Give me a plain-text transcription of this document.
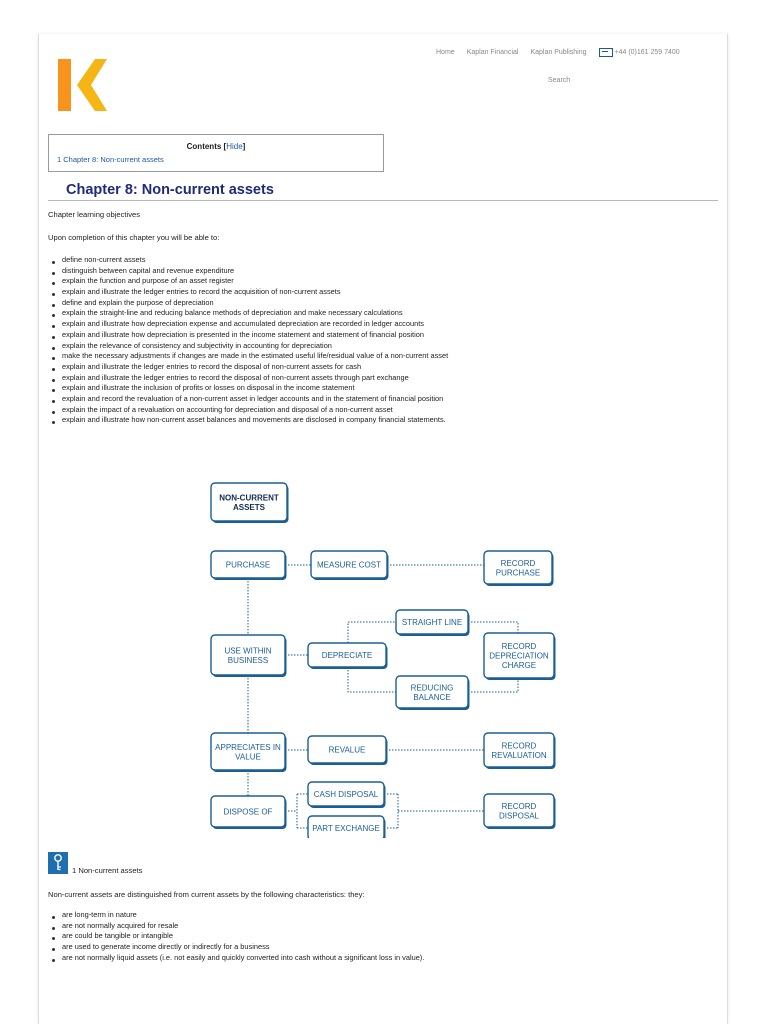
Home Kaplan Financial Kaplan Publishing	+44 (0)161 259 7400
Search
Contents [Hide]
1 Chapter 8: Non-current assets
Chapter 8: Non-current assets
Chapter learning objectives
Upon completion of this chapter you will be able to:
define non-current assets
distinguish between capital and revenue expenditure
explain the function and purpose of an asset register
explain and illustrate the ledger entries to record the acquisition of non-current assets
define and explain the purpose of depreciation
explain the straight-line and reducing balance methods of depreciation and make necessary calculations
explain and illustrate how depreciation expense and accumulated depreciation are recorded in ledger accounts
explain and illustrate how depreciation is presented in the income statement and statement of financial position
explain the relevance of consistency and subjectivity in accounting for depreciation
make the necessary adjustments if changes are made in the estimated useful life/residual value of a non-current asset
explain and illustrate the ledger entries to record the disposal of non-current assets for cash
explain and illustrate the ledger entries to record the disposal of non-current assets through part exchange
explain and illustrate the inclusion of profits or losses on disposal in the income statement
explain and record the revaluation of a non-current asset in ledger accounts and in the statement of financial position
explain the impact of a revaluation on accounting for depreciation and disposal of a non-current asset
explain and illustrate how non-current asset balances and movements are disclosed in company financial statements.
NON-CURRENT
ASSETS
PURCHASE	MEASURE COST	RECORD
PURCHASE
STRAIGHT LINE
USE WITHIN
BUSINESS
DEPRECIATE
RECORD
DEPRECIATION
CHARGE
REDUCING
BALANCE
APPRECIATES IN
VALUE
REVALUE	RECORD
REVALUATION
CASH DISPOSAL
DISPOSE OF
RECORD
DISPOSAL
PART EXCHANGE
1 Non-current assets
Non-current assets are distinguished from current assets by the following characteristics: they:
are long-term in nature
are not normally acquired for resale
are could be tangible or intangible
are used to generate income directly or indirectly for a business
are not normally liquid assets (i.e. not easily and quickly converted into cash without a significant loss in value).
